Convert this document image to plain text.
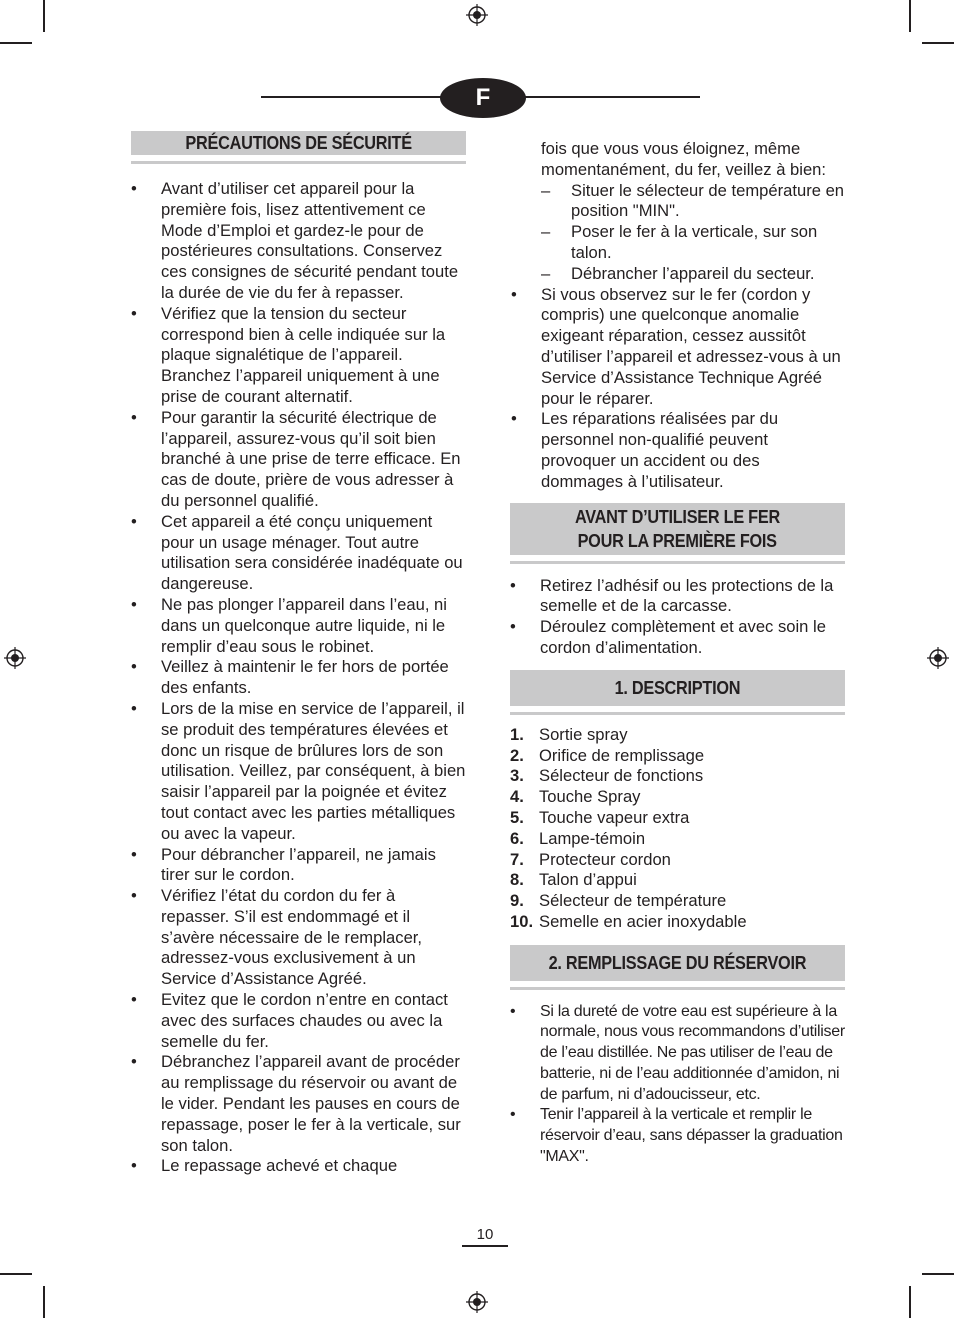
F
PRÉCAUTIONS DE SÉCURITÉ
• Avant d’utiliser cet appareil pour la première fois, lisez attentivement ce Mode d’Emploi et gardez-le pour de postérieures consultations. Conservez ces consignes de sécurité pendant toute la durée de vie du fer à repasser.
• Vérifiez que la tension du secteur correspond bien à celle indiquée sur la plaque signalétique de l’appareil. Branchez l’appareil uniquement à une prise de courant alternatif.
• Pour garantir la sécurité électrique de l’appareil, assurez-vous qu’il soit bien branché à une prise de terre efficace. En cas de doute, prière de vous adresser à du personnel qualifié.
• Cet appareil a été conçu uniquement pour un usage ménager. Tout autre utilisation sera considérée inadéquate ou dangereuse.
• Ne pas plonger l’appareil dans l’eau, ni dans un quelconque autre liquide, ni le remplir d’eau sous le robinet.
• Veillez à maintenir le fer hors de portée des enfants.
• Lors de la mise en service de l’appareil, il se produit des températures élevées et donc un risque de brûlures lors de son utilisation. Veillez, par conséquent, à bien saisir l’appareil par la poignée et évitez tout contact avec les parties métalliques ou avec la vapeur.
• Pour débrancher l’appareil, ne jamais tirer sur le cordon.
• Vérifiez l’état du cordon du fer à repasser. S’il est endommagé et il s’avère nécessaire de le remplacer, adressez-vous exclusivement à un Service d’Assistance Agréé.
• Evitez que le cordon n’entre en contact avec des surfaces chaudes ou avec la semelle du fer.
• Débranchez l’appareil avant de procéder au remplissage du réservoir ou avant de le vider. Pendant les pauses en cours de repassage, poser le fer à la verticale, sur son talon.
• Le repassage achevé et chaque
fois que vous vous éloignez, même momentanément, du fer, veillez à bien:
– Situer le sélecteur de température en position "MIN".
– Poser le fer à la verticale, sur son talon.
– Débrancher l’appareil du secteur.
• Si vous observez sur le fer (cordon y compris) une quelconque anomalie exigeant réparation, cessez aussitôt d’utiliser l’appareil et adressez-vous à un Service d’Assistance Technique Agréé pour le réparer.
• Les réparations réalisées par du personnel non-qualifié peuvent provoquer un accident ou des dommages à l’utilisateur.
AVANT D’UTILISER LE FER
POUR LA PREMIÈRE FOIS
• Retirez l’adhésif ou les protections de la semelle et de la carcasse.
• Déroulez complètement et avec soin le cordon d’alimentation.
1. DESCRIPTION
1. Sortie spray
2. Orifice de remplissage
3. Sélecteur de fonctions
4. Touche Spray
5. Touche vapeur extra
6. Lampe-témoin
7. Protecteur cordon
8. Talon d’appui
9. Sélecteur de température
10. Semelle en acier inoxydable
2. REMPLISSAGE DU RÉSERVOIR
• Si la dureté de votre eau est supérieure à la normale, nous vous recommandons d’utiliser de l’eau distillée. Ne pas utiliser de l’eau de batterie, ni de l’eau additionnée d’amidon, ni de parfum, ni d’adoucisseur, etc.
• Tenir l’appareil à la verticale et remplir le réservoir d’eau, sans dépasser la graduation "MAX".
10
